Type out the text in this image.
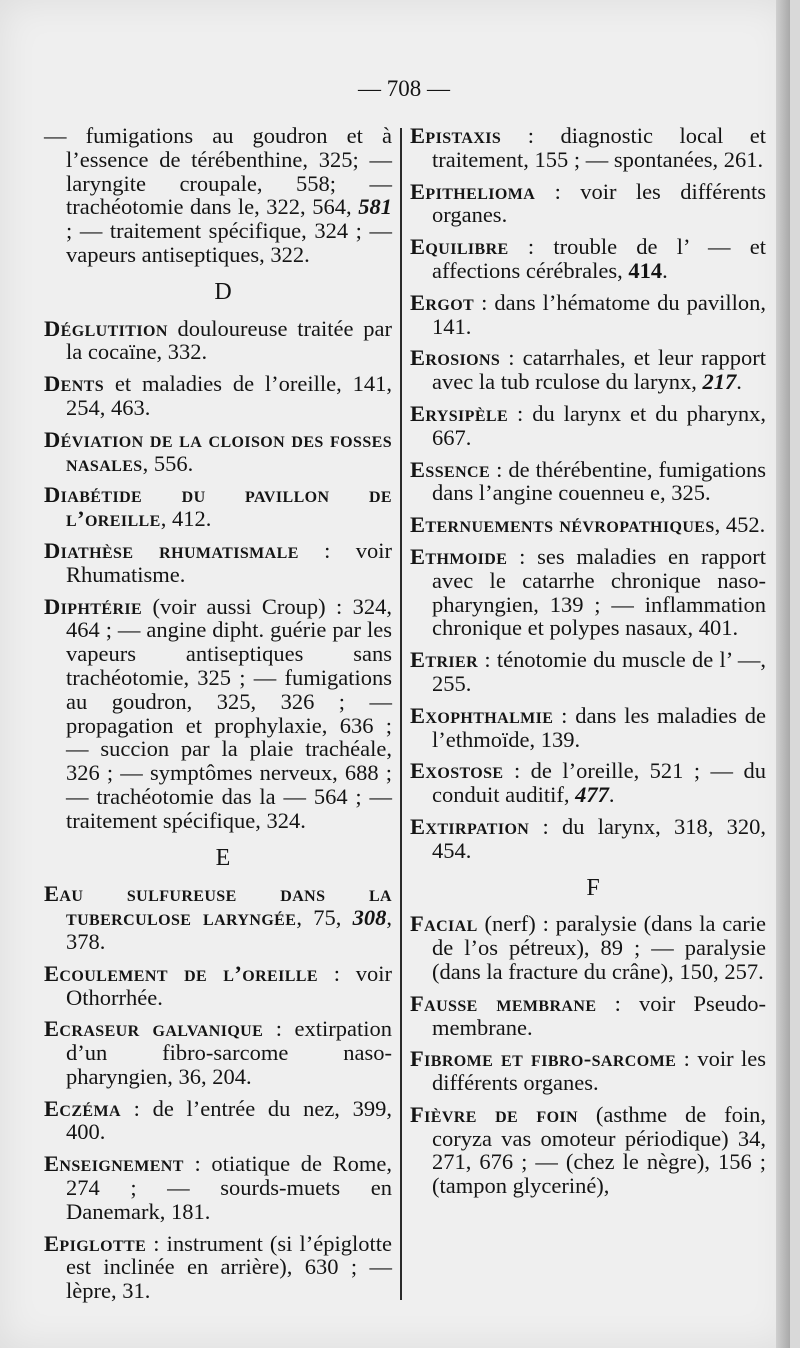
— 708 —

— fumigations au goudron et à l’essence de térébenthine, 325; — laryngite croupale, 558; — trachéotomie dans le, 322, 564, 581 ; — traitement spécifique, 324 ; — vapeurs antiseptiques, 322.

D

Déglutition douloureuse traitée par la cocaïne, 332.

Dents et maladies de l’oreille, 141, 254, 463.

Déviation de la cloison des fosses nasales, 556.

Diabétide du pavillon de l’oreille, 412.

Diathèse rhumatismale : voir Rhumatisme.

Diphtérie (voir aussi Croup) : 324, 464 ; — angine dipht. guérie par les vapeurs antiseptiques sans trachéotomie, 325 ; — fumigations au goudron, 325, 326 ; — propagation et prophylaxie, 636 ; — succion par la plaie trachéale, 326 ; — symptômes nerveux, 688 ; — trachéotomie das la — 564 ; — traitement spécifique, 324.

E

Eau sulfureuse dans la tuberculose laryngée, 75, 308, 378.

Ecoulement de l’oreille : voir Othorrhée.

Ecraseur galvanique : extirpation d’un fibro-sarcome naso-pharyngien, 36, 204.

Eczéma : de l’entrée du nez, 399, 400.

Enseignement : otiatique de Rome, 274 ; — sourds-muets en Danemark, 181.

Epiglotte : instrument (si l’épiglotte est inclinée en arrière), 630 ; — lèpre, 31.

Epistaxis : diagnostic local et traitement, 155 ; — spontanées, 261.

Epithelioma : voir les différents organes.

Equilibre : trouble de l’ — et affections cérébrales, 414.

Ergot : dans l’hématome du pavillon, 141.

Erosions : catarrhales, et leur rapport avec la tub rculose du larynx, 217.

Erysipèle : du larynx et du pharynx, 667.

Essence : de thérébentine, fumigations dans l’angine couenneu e, 325.

Eternuements névropathiques, 452.

Ethmoide : ses maladies en rapport avec le catarrhe chronique naso-pharyngien, 139 ; — inflammation chronique et polypes nasaux, 401.

Etrier : ténotomie du muscle de l’ —, 255.

Exophthalmie : dans les maladies de l’ethmoïde, 139.

Exostose : de l’oreille, 521 ; — du conduit auditif, 477.

Extirpation : du larynx, 318, 320, 454.

F

Facial (nerf) : paralysie (dans la carie de l’os pétreux), 89 ; — paralysie (dans la fracture du crâne), 150, 257.

Fausse membrane : voir Pseudo-membrane.

Fibrome et fibro-sarcome : voir les différents organes.

Fièvre de foin (asthme de foin, coryza vas omoteur périodique) 34, 271, 676 ; — (chez le nègre), 156 ; (tampon glyceriné),
